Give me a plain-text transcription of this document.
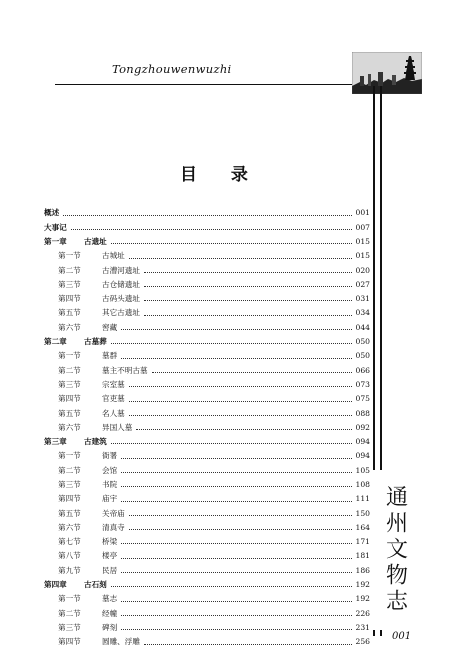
Tongzhouwenwuzhi
通州文物志
001
目 录
概述	001
大事记	007
第一章 古遗址	015
第一节	古城址	015
第二节	古漕河遗址	020
第三节	古仓储遗址	027
第四节	古码头遗址	031
第五节	其它古遗址	034
第六节	窖藏	044
第二章 古墓葬	050
第一节	墓群	050
第二节	墓主不明古墓	066
第三节	宗室墓	073
第四节	官吏墓	075
第五节	名人墓	088
第六节	异国人墓	092
第三章 古建筑	094
第一节	衙署	094
第二节	会馆	105
第三节	书院	108
第四节	庙宇	111
第五节	关帝庙	150
第六节	清真寺	164
第七节	桥梁	171
第八节	楼亭	181
第九节	民居	186
第四章 古石刻	192
第一节	墓志	192
第二节	经幢	226
第三节	碑刻	231
第四节	圆雕、浮雕	256
